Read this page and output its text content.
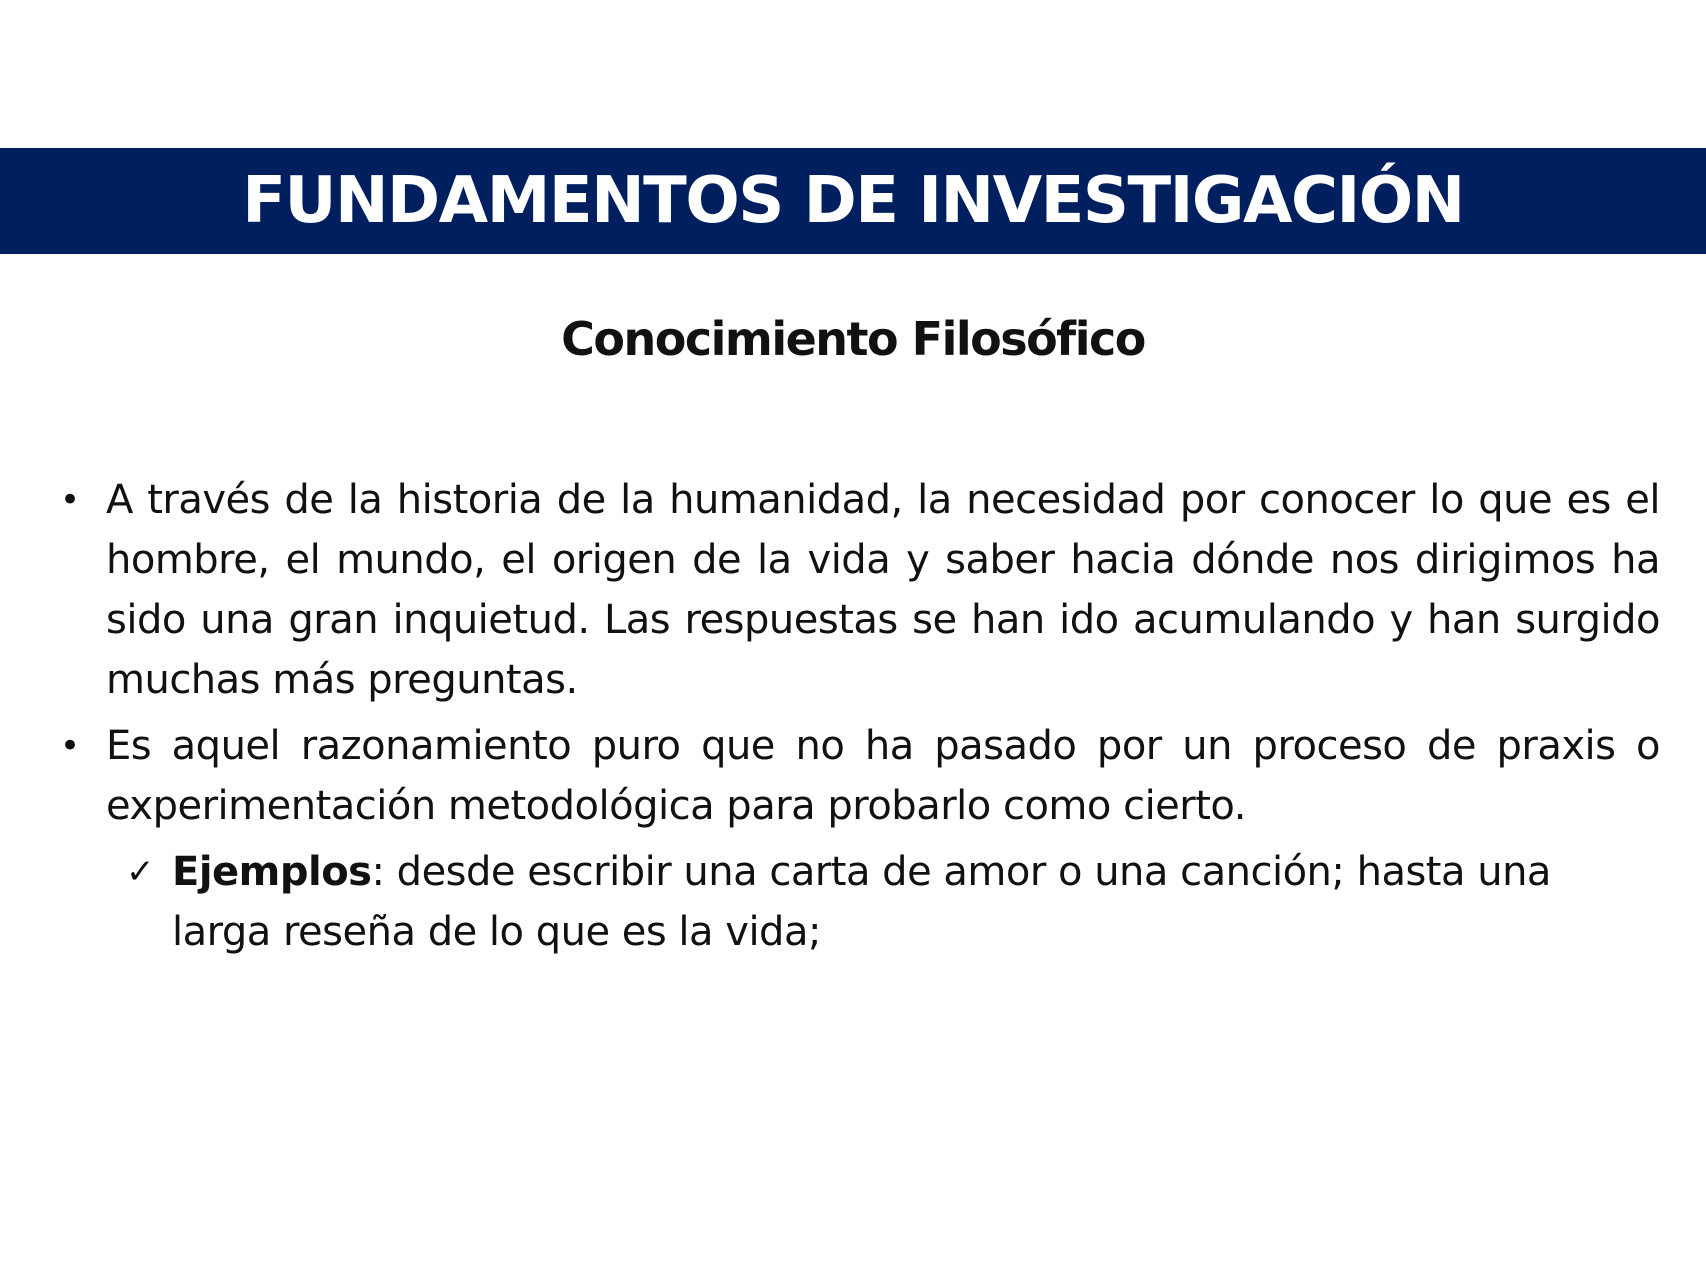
FUNDAMENTOS DE INVESTIGACIÓN
Conocimiento Filosófico
• A través de la historia de la humanidad, la necesidad por conocer lo que es el hombre, el mundo, el origen de la vida y saber hacia dónde nos dirigimos ha sido una gran inquietud. Las respuestas se han ido acumulando y han surgido muchas más preguntas.
• Es aquel razonamiento puro que no ha pasado por un proceso de praxis o experimentación metodológica para probarlo como cierto.
✓ Ejemplos: desde escribir una carta de amor o una canción; hasta una larga reseña de lo que es la vida;
